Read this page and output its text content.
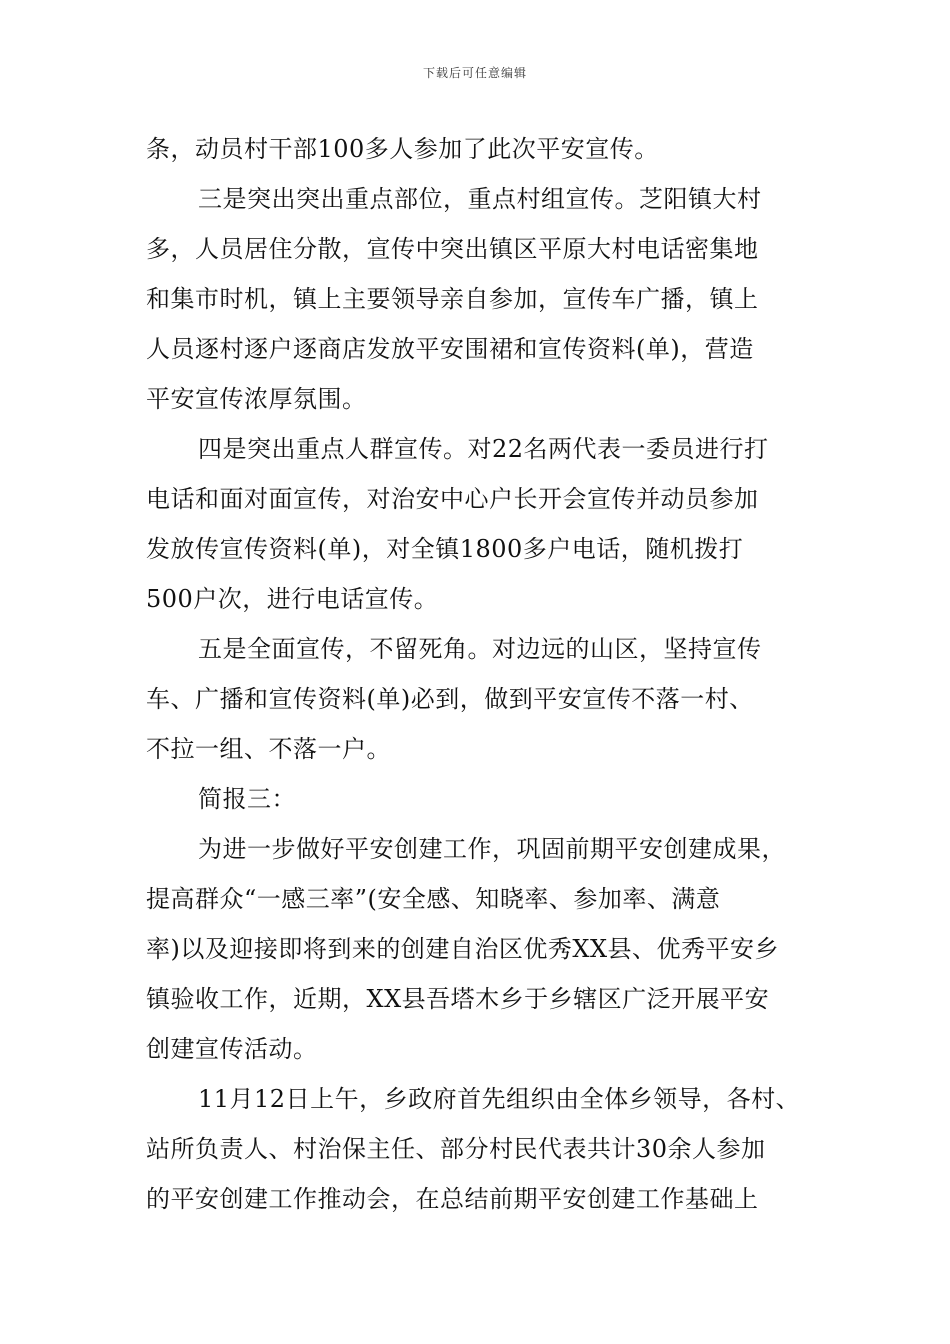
下载后可任意编辑
条，动员村干部100多人参加了此次平安宣传。
三是突出突出重点部位，重点村组宣传。芝阳镇大村
多，人员居住分散，宣传中突出镇区平原大村电话密集地
和集市时机，镇上主要领导亲自参加，宣传车广播，镇上
人员逐村逐户逐商店发放平安围裙和宣传资料(单)，营造
平安宣传浓厚氛围。
四是突出重点人群宣传。对22名两代表一委员进行打
电话和面对面宣传，对治安中心户长开会宣传并动员参加
发放传宣传资料(单)，对全镇1800多户电话，随机拨打
500户次，进行电话宣传。
五是全面宣传，不留死角。对边远的山区，坚持宣传
车、广播和宣传资料(单)必到，做到平安宣传不落一村、
不拉一组、不落一户。
简报三：
为进一步做好平安创建工作，巩固前期平安创建成果，
提高群众“一感三率”(安全感、知晓率、参加率、满意
率)以及迎接即将到来的创建自治区优秀XX县、优秀平安乡
镇验收工作，近期，XX县吾塔木乡于乡辖区广泛开展平安
创建宣传活动。
11月12日上午，乡政府首先组织由全体乡领导，各村、
站所负责人、村治保主任、部分村民代表共计30余人参加
的平安创建工作推动会，在总结前期平安创建工作基础上
